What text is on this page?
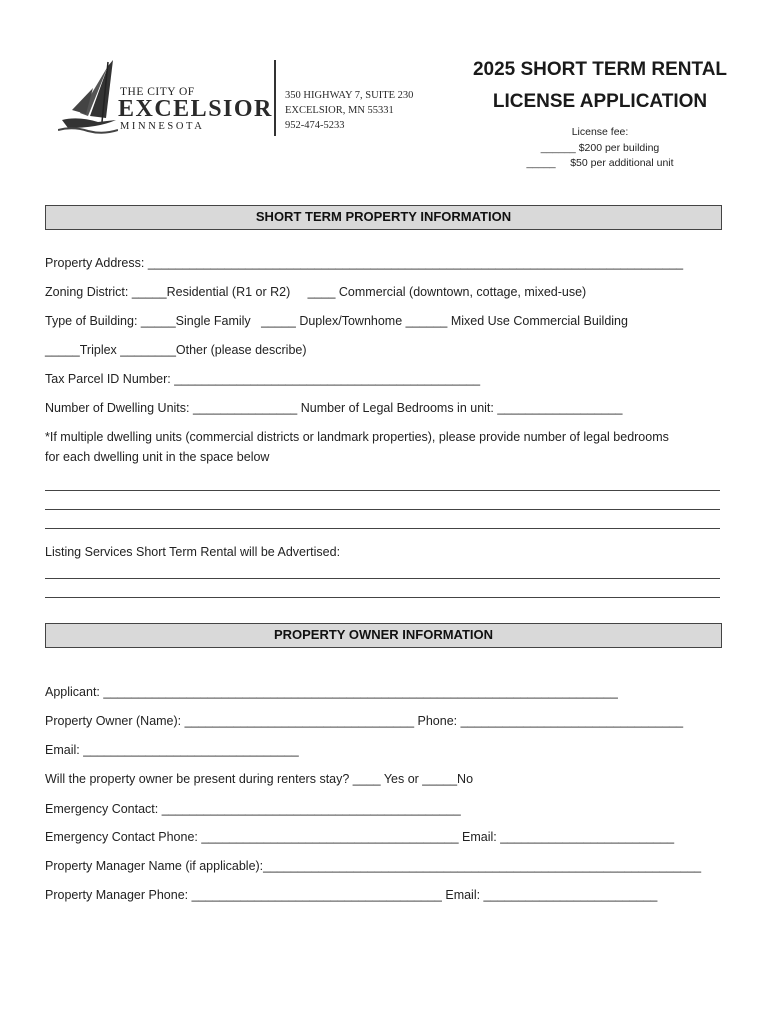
THE CITY OF
EXCELSIOR
MINNESOTA
350 HIGHWAY 7, SUITE 230
EXCELSIOR, MN 55331
952-474-5233
2025 SHORT TERM RENTAL
LICENSE APPLICATION
License fee:
______ $200 per building
_____     $50 per additional unit
SHORT TERM PROPERTY INFORMATION
Property Address: _____________________________________________________________________________
Zoning District: _____Residential (R1 or R2)     ____ Commercial (downtown, cottage, mixed-use)
Type of Building: _____Single Family   _____ Duplex/Townhome ______ Mixed Use Commercial Building
_____Triplex ________Other (please describe)
Tax Parcel ID Number: ____________________________________________
Number of Dwelling Units: _______________ Number of Legal Bedrooms in unit: __________________
*If multiple dwelling units (commercial districts or landmark properties), please provide number of legal bedrooms
for each dwelling unit in the space below
Listing Services Short Term Rental will be Advertised:
PROPERTY OWNER INFORMATION
Applicant: __________________________________________________________________________
Property Owner (Name): _________________________________ Phone: ________________________________
Email: _______________________________
Will the property owner be present during renters stay? ____ Yes or _____No
Emergency Contact: ___________________________________________
Emergency Contact Phone: _____________________________________ Email: _________________________
Property Manager Name (if applicable):_______________________________________________________________
Property Manager Phone: ____________________________________ Email: _________________________
